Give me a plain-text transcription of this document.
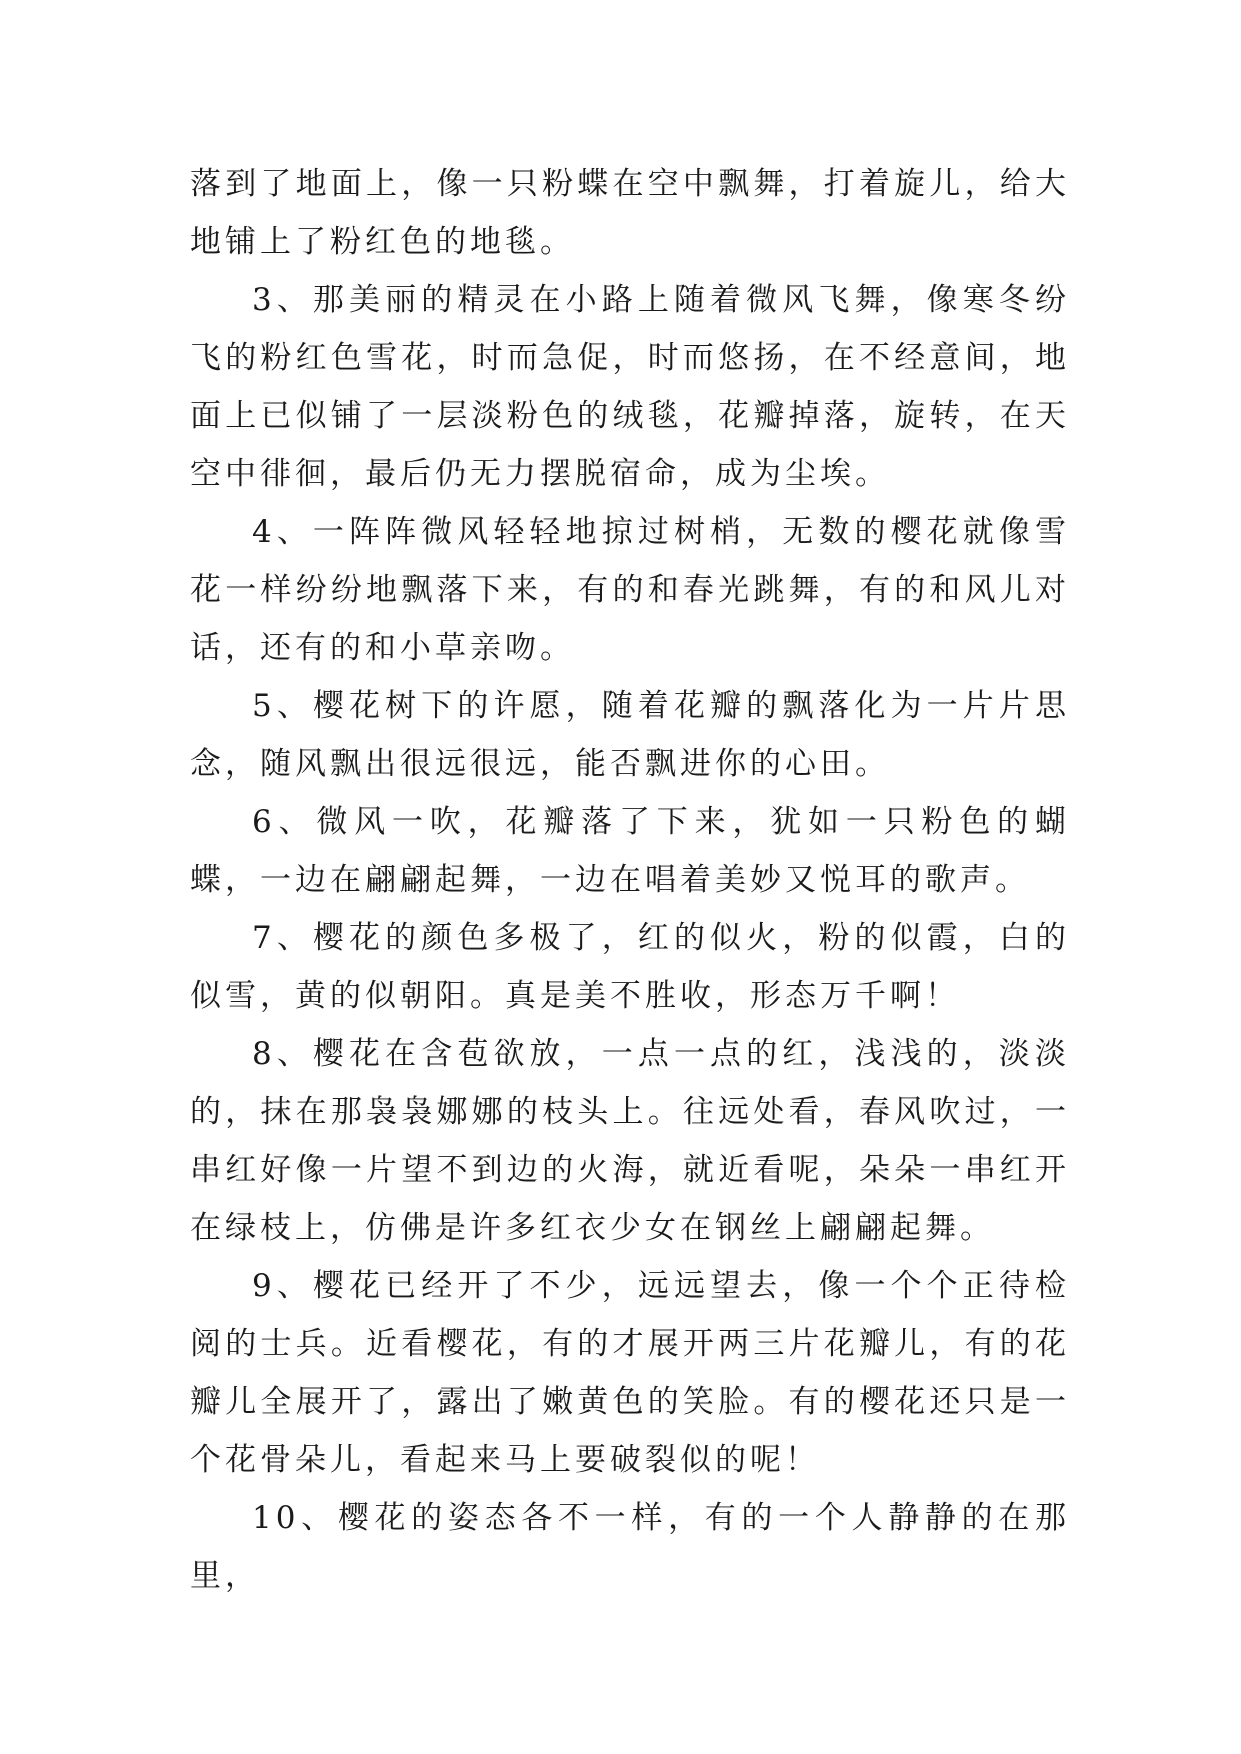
落到了地面上，像一只粉蝶在空中飘舞，打着旋儿，给大地铺上了粉红色的地毯。

3、那美丽的精灵在小路上随着微风飞舞，像寒冬纷飞的粉红色雪花，时而急促，时而悠扬，在不经意间，地面上已似铺了一层淡粉色的绒毯，花瓣掉落，旋转，在天空中徘徊，最后仍无力摆脱宿命，成为尘埃。

4、一阵阵微风轻轻地掠过树梢，无数的樱花就像雪花一样纷纷地飘落下来，有的和春光跳舞，有的和风儿对话，还有的和小草亲吻。

5、樱花树下的许愿，随着花瓣的飘落化为一片片思念，随风飘出很远很远，能否飘进你的心田。

6、微风一吹，花瓣落了下来，犹如一只粉色的蝴蝶，一边在翩翩起舞，一边在唱着美妙又悦耳的歌声。

7、樱花的颜色多极了，红的似火，粉的似霞，白的似雪，黄的似朝阳。真是美不胜收，形态万千啊！

8、樱花在含苞欲放，一点一点的红，浅浅的，淡淡的，抹在那袅袅娜娜的枝头上。往远处看，春风吹过，一串红好像一片望不到边的火海，就近看呢，朵朵一串红开在绿枝上，仿佛是许多红衣少女在钢丝上翩翩起舞。

9、樱花已经开了不少，远远望去，像一个个正待检阅的士兵。近看樱花，有的才展开两三片花瓣儿，有的花瓣儿全展开了，露出了嫩黄色的笑脸。有的樱花还只是一个花骨朵儿，看起来马上要破裂似的呢！

10、樱花的姿态各不一样，有的一个人静静的在那里，
